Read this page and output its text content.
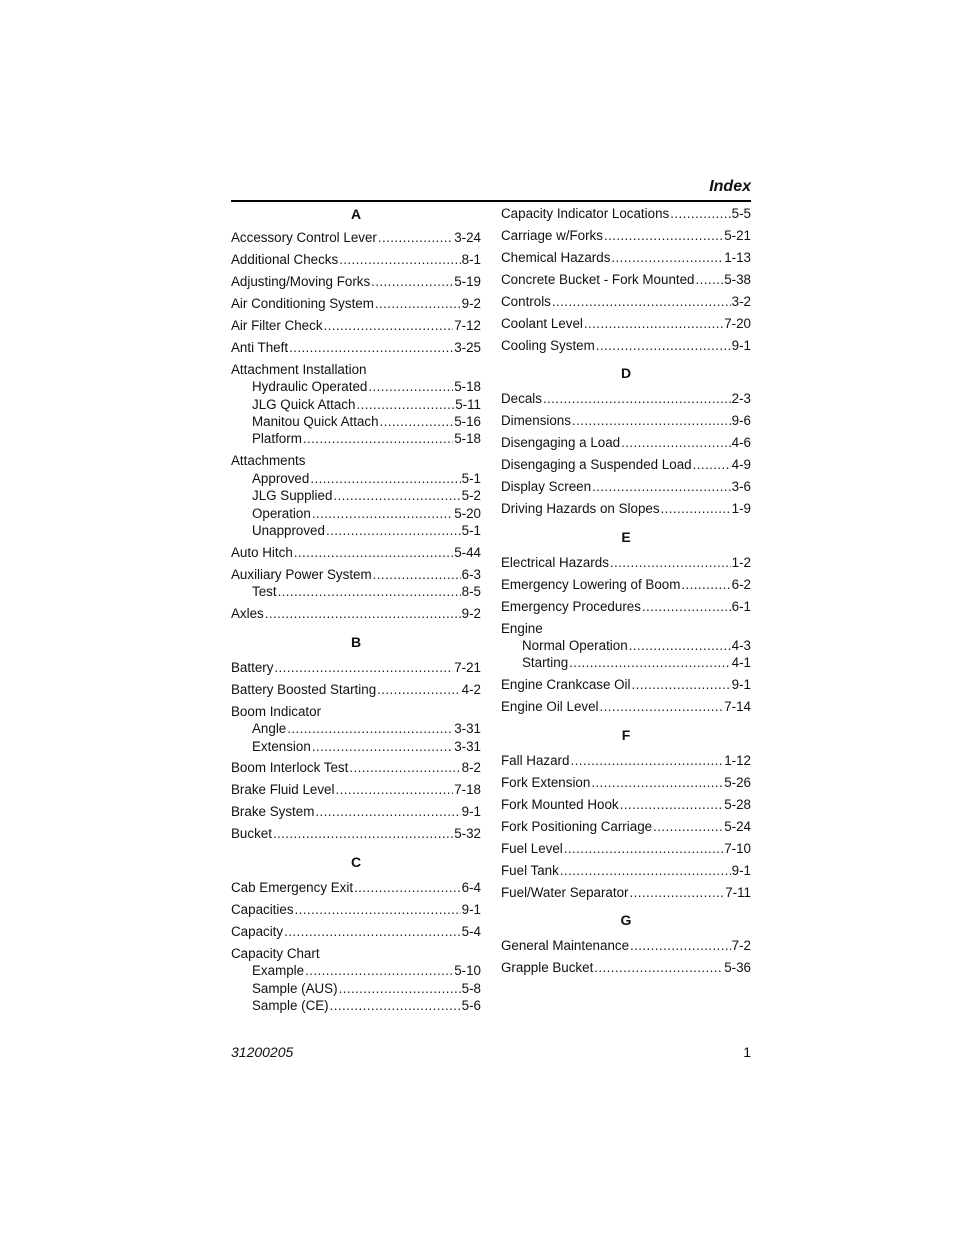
Index
A
Accessory Control Lever .....	3-24
Additional Checks .....	8-1
Adjusting/Moving Forks .....	5-19
Air Conditioning System .....	9-2
Air Filter Check .....	7-12
Anti Theft .....	3-25
Attachment Installation
Hydraulic Operated .....	5-18
JLG Quick Attach .....	5-11
Manitou Quick Attach .....	5-16
Platform .....	5-18
Attachments
Approved .....	5-1
JLG Supplied .....	5-2
Operation .....	5-20
Unapproved .....	5-1
Auto Hitch .....	5-44
Auxiliary Power System .....	6-3
Test .....	8-5
Axles .....	9-2
B
Battery .....	7-21
Battery Boosted Starting .....	4-2
Boom Indicator
Angle .....	3-31
Extension .....	3-31
Boom Interlock Test .....	8-2
Brake Fluid Level .....	7-18
Brake System .....	9-1
Bucket .....	5-32
C
Cab Emergency Exit .....	6-4
Capacities .....	9-1
Capacity .....	5-4
Capacity Chart
Example .....	5-10
Sample (AUS) .....	5-8
Sample (CE) .....	5-6
Capacity Indicator Locations .....	5-5
Carriage w/Forks .....	5-21
Chemical Hazards .....	1-13
Concrete Bucket - Fork Mounted ..... 5-38
Controls .....	3-2
Coolant Level .....	7-20
Cooling System .....	9-1
D
Decals .....	2-3
Dimensions .....	9-6
Disengaging a Load .....	4-6
Disengaging a Suspended Load .....	4-9
Display Screen .....	3-6
Driving Hazards on Slopes .....	1-9
E
Electrical Hazards .....	1-2
Emergency Lowering of Boom .....	6-2
Emergency Procedures .....	6-1
Engine
Normal Operation .....	4-3
Starting .....	4-1
Engine Crankcase Oil .....	9-1
Engine Oil Level .....	7-14
F
Fall Hazard .....	1-12
Fork Extension .....	5-26
Fork Mounted Hook .....	5-28
Fork Positioning Carriage .....	5-24
Fuel Level .....	7-10
Fuel Tank .....	9-1
Fuel/Water Separator .....	7-11
G
General Maintenance .....	7-2
Grapple Bucket .....	5-36
31200205	1
